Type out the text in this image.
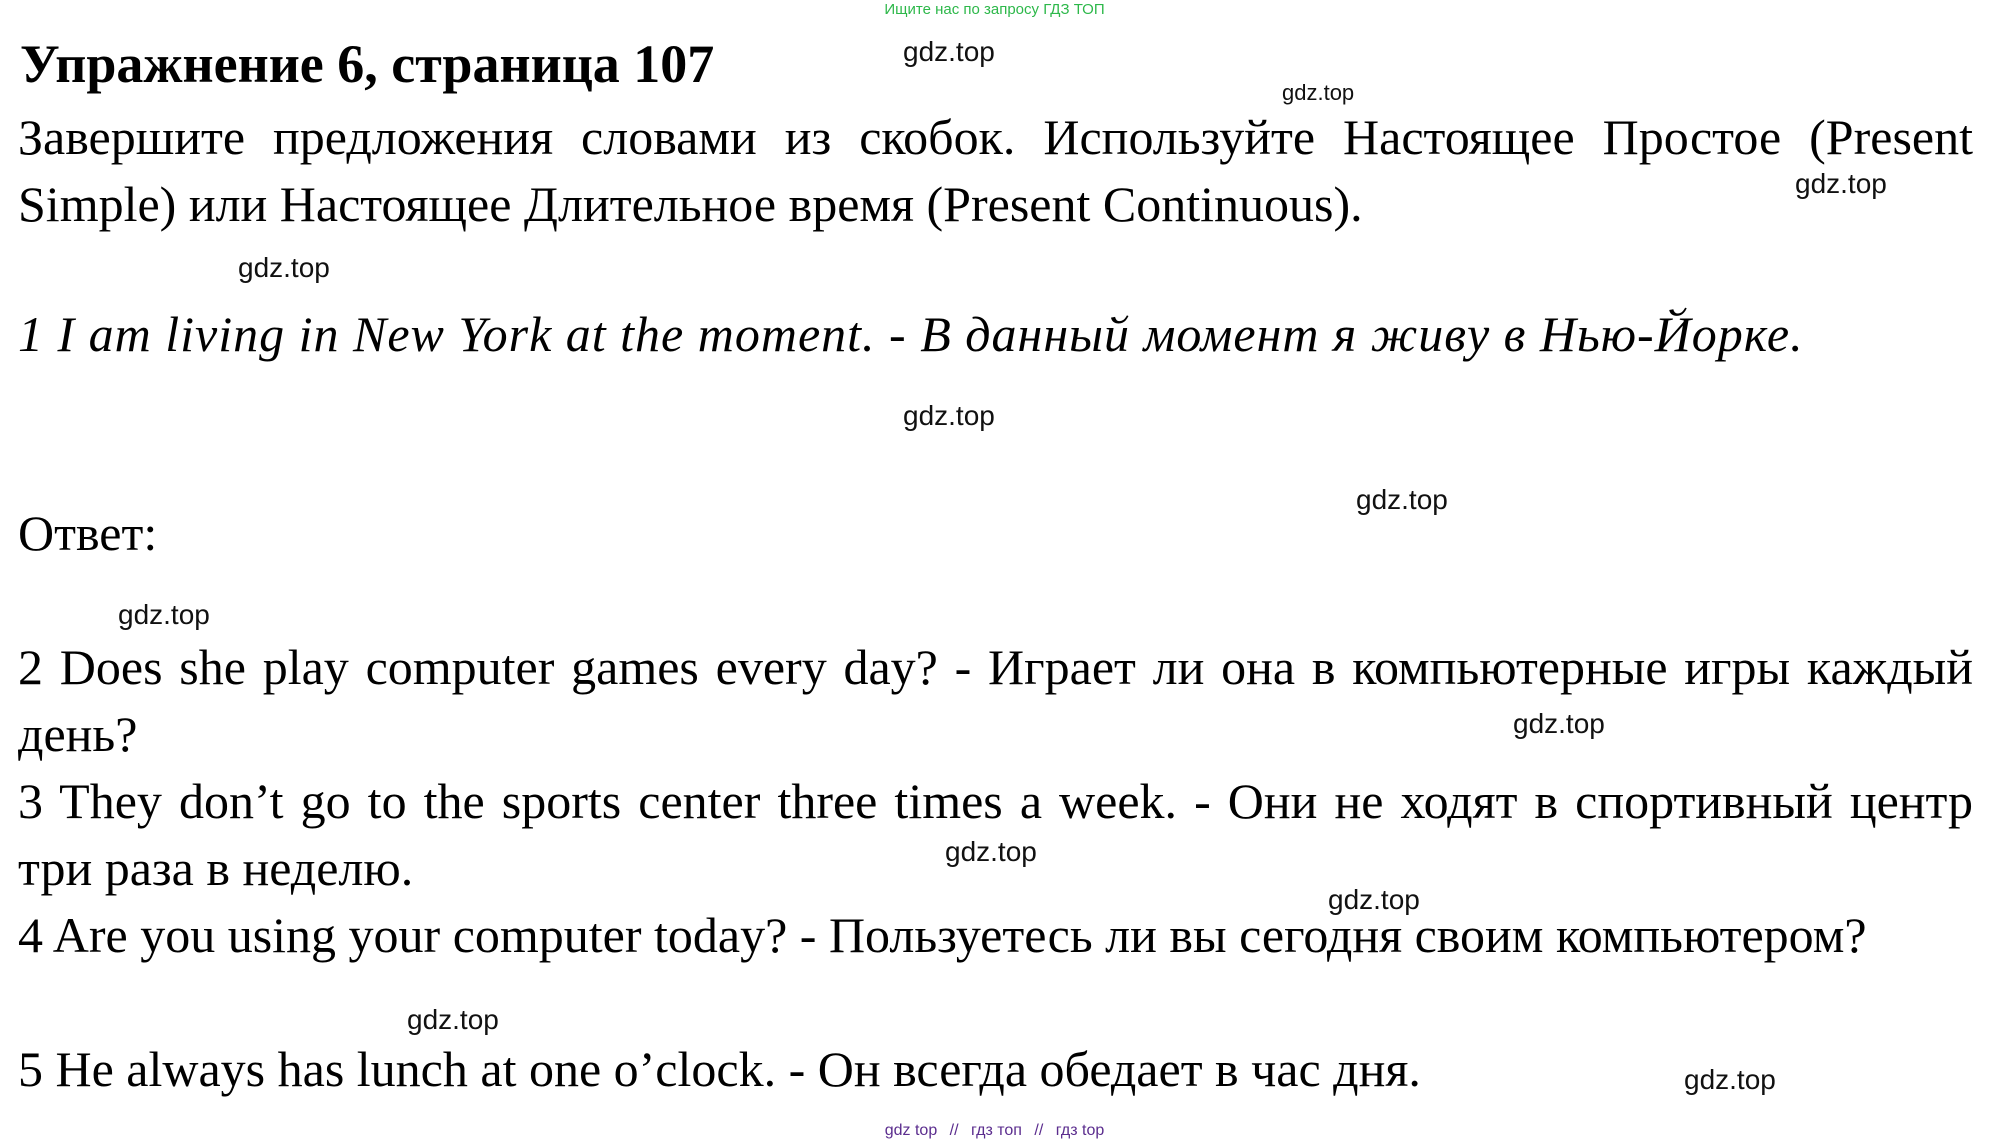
Ищите нас по запросу ГДЗ ТОП
Упражнение 6, страница 107
Завершите предложения словами из скобок. Используйте Настоящее Простое (Present Simple) или Настоящее Длительное время (Present Continuous).
1 I am living in New York at the moment. - В данный момент я живу в Нью-Йорке.
Ответ:
2 Does she play computer games every day? - Играет ли она в компьютерные игры каждый день?
3 They don’t go to the sports center three times a week. - Они не ходят в спортивный центр три раза в неделю.
4 Are you using your computer today? - Пользуетесь ли вы сегодня своим компьютером?
5 He always has lunch at one o’clock. - Он всегда обедает в час дня.
gdz.top
gdz.top
gdz.top
gdz.top
gdz.top
gdz.top
gdz.top
gdz.top
gdz.top
gdz.top
gdz.top
gdz.top
gdz top // гдз топ // гдз top
